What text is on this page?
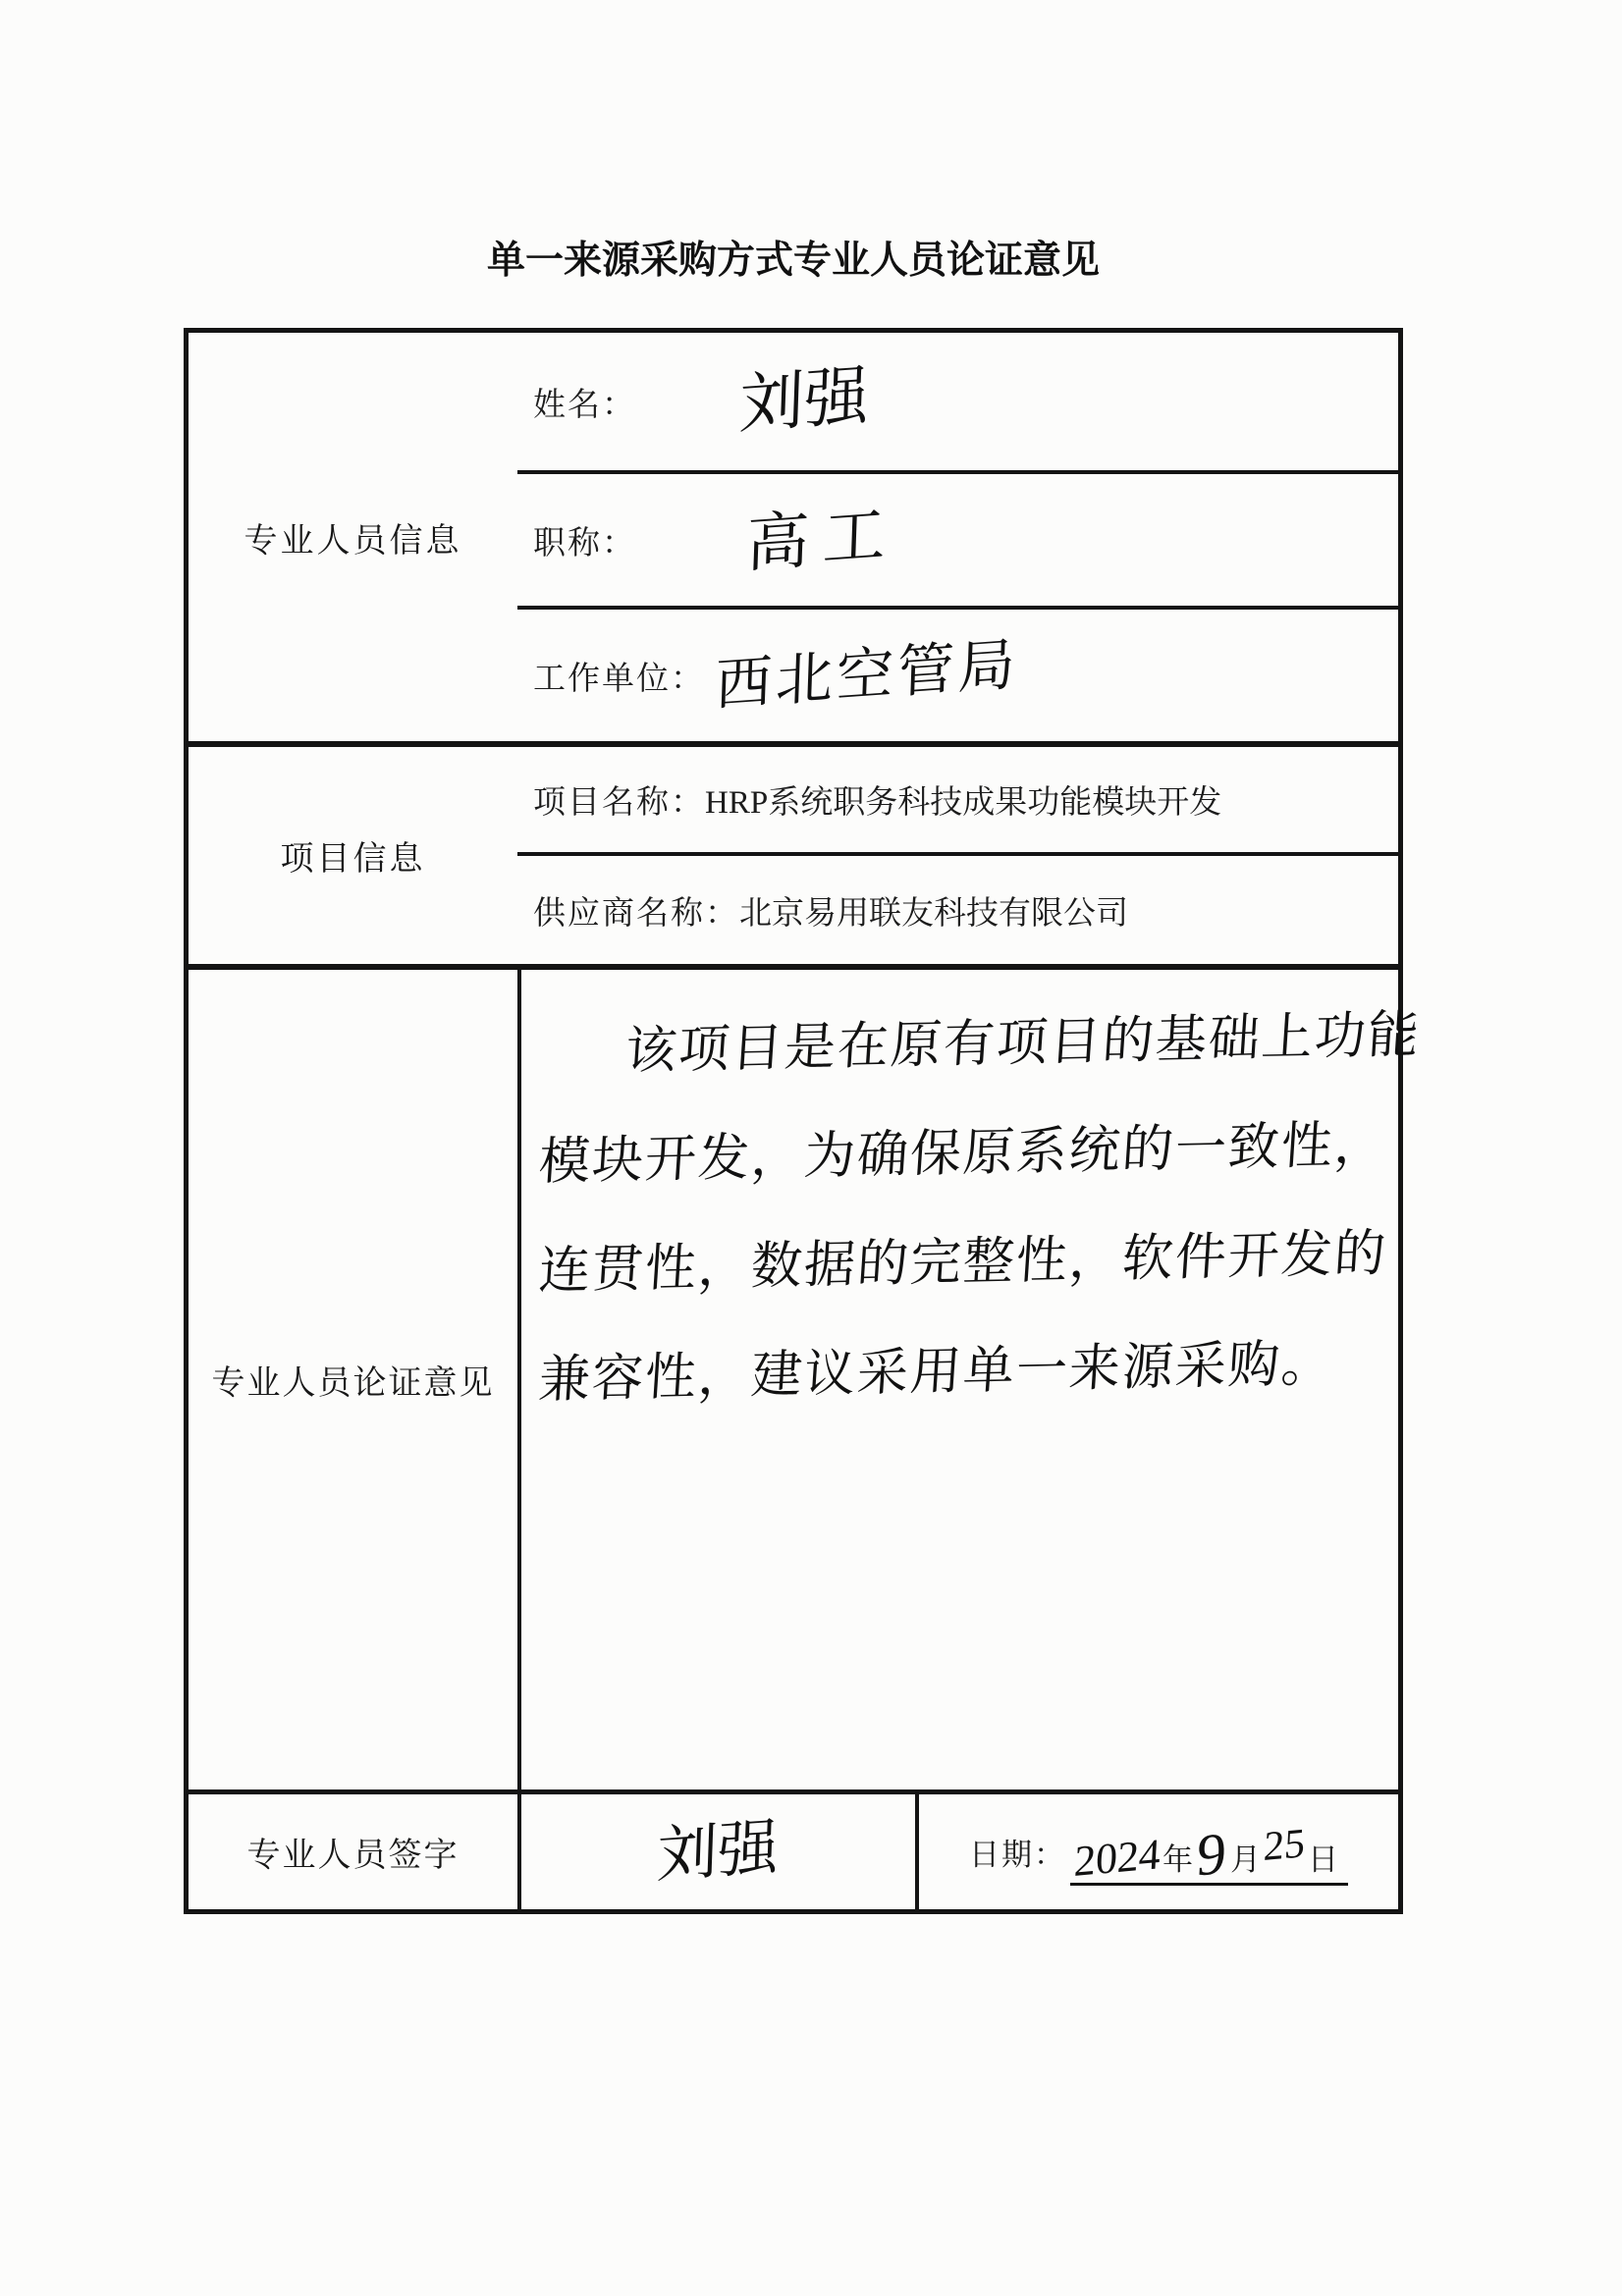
单一来源采购方式专业人员论证意见
专业人员信息
姓名： 刘强
职称： 高工
工作单位： 西北空管局
项目信息
项目名称： HRP系统职务科技成果功能模块开发
供应商名称： 北京易用联友科技有限公司
专业人员论证意见
该项目是在原有项目的基础上功能
模块开发，为确保原系统的一致性，
连贯性，数据的完整性，软件开发的
兼容性，建议采用单一来源采购。
专业人员签字	刘强	日期： 2024 年 9 月 25 日
